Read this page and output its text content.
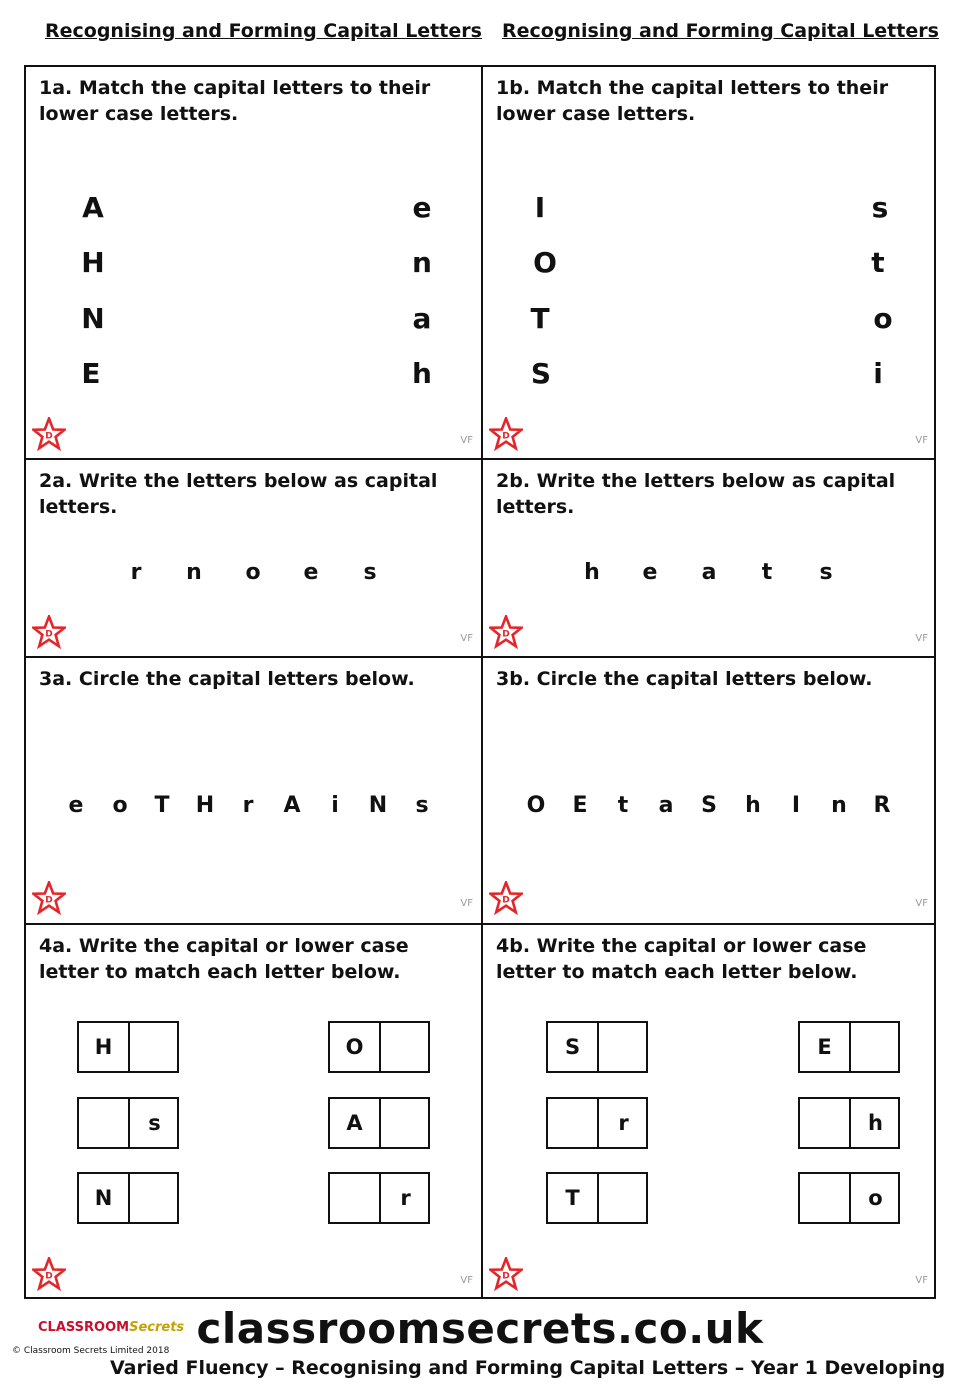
Recognising and Forming Capital Letters Recognising and Forming Capital Letters
1a. Match the capital letters to their lower case letters.
A
H
N
E
e
n
a
h
D	VF
1b. Match the capital letters to their lower case letters.
I
O
T
S
s
t
o
i
D	VF
2a. Write the letters below as capital letters.
r	n	o	e	s
D	VF
2b. Write the letters below as capital letters.
h	e	a	t	s
D	VF
3a. Circle the capital letters below.
e	o	T	H	r	A	i	N	s
D	VF
3b. Circle the capital letters below.
O	E	t	a	S	h	I	n	R
D	VF
4a. Write the capital or lower case letter to match each letter below.
H	O
s	A
N	r
D	VF
4b. Write the capital or lower case letter to match each letter below.
S	E
r	h
T	o
D	VF
CLASSROOMSecrets
© Classroom Secrets Limited 2018 classroomsecrets.co.uk
Varied Fluency – Recognising and Forming Capital Letters – Year 1 Developing
